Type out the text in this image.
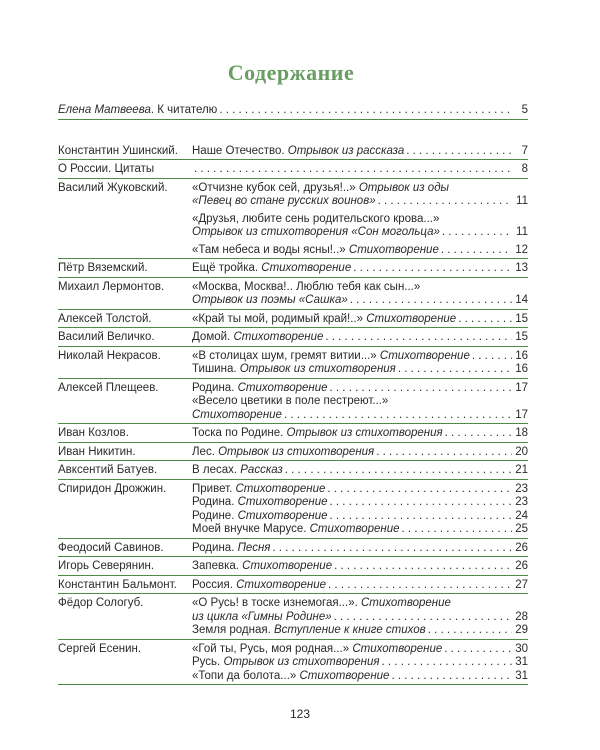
Содержание
Елена Матвеева. К читателю . . .	5
Константин Ушинский.	Наше Отечество. Отрывок из рассказа . . .	7
О России. Цитаты . . .	8
Василий Жуковский.	«Отчизне кубок сей, друзья!..» Отрывок из оды
«Певец во стане русских воинов» . . .	11
«Друзья, любите сень родительского крова...»
Отрывок из стихотворения «Сон могольца» . . .	11
«Там небеса и воды ясны!..» Стихотворение . . .	12
Пётр Вяземский.	Ещё тройка. Стихотворение . . .	13
Михаил Лермонтов.	«Москва, Москва!.. Люблю тебя как сын...»
Отрывок из поэмы «Сашка» . . .	14
Алексей Толстой.	«Край ты мой, родимый край!..» Стихотворение . . .	15
Василий Величко.	Домой. Стихотворение . . .	15
Николай Некрасов.	«В столицах шум, гремят витии...» Стихотворение . . .	16
Тишина. Отрывок из стихотворения . . .	16
Алексей Плещеев.	Родина. Стихотворение . . .	17
«Весело цветики в поле пестреют...»
Стихотворение . . .	17
Иван Козлов.	Тоска по Родине. Отрывок из стихотворения . . .	18
Иван Никитин.	Лес. Отрывок из стихотворения . . .	20
Авксентий Батуев.	В лесах. Рассказ . . .	21
Спиридон Дрожжин.	Привет. Стихотворение . . .	23
Родина. Стихотворение . . .	23
Родине. Стихотворение . . .	24
Моей внучке Марусе. Стихотворение . . .	25
Феодосий Савинов.	Родина. Песня . . .	26
Игорь Северянин.	Запевка. Стихотворение . . .	26
Константин Бальмонт.	Россия. Стихотворение . . .	27
Фёдор Сологуб.	«О Русь! в тоске изнемогая...». Стихотворение
из цикла «Гимны Родине» . . .	28
Земля родная. Вступление к книге стихов . . .	29
Сергей Есенин.	«Гой ты, Русь, моя родная...» Стихотворение . . .	30
Русь. Отрывок из стихотворения . . .	31
«Топи да болота...» Стихотворение . . .	31
123
